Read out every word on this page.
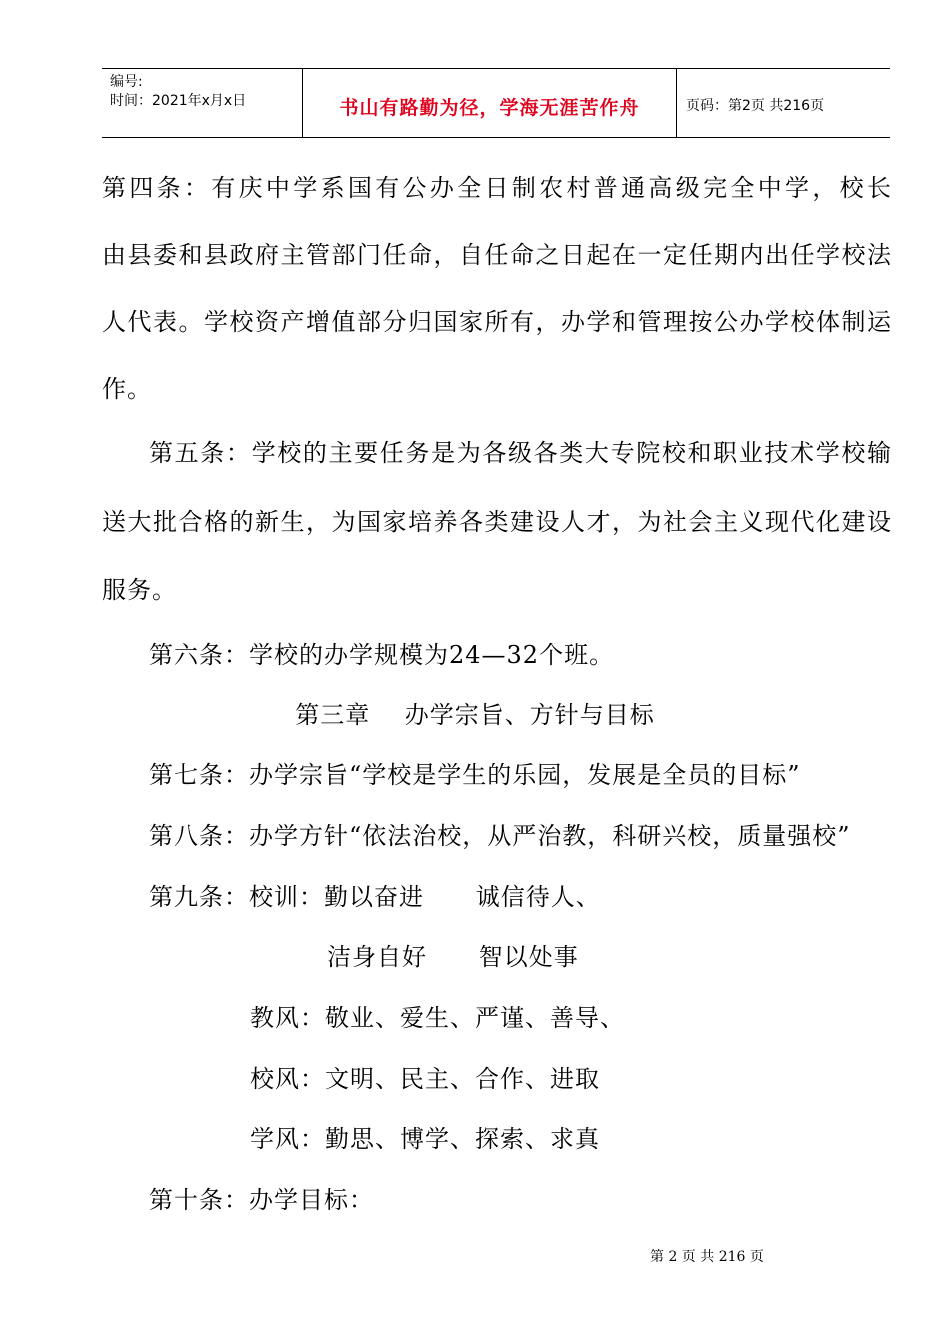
编号:
时间：2021年x月x日	书山有路勤为径，学海无涯苦作舟	页码：第2页 共216页
第四条：有庆中学系国有公办全日制农村普通高级完全中学，校长
由县委和县政府主管部门任命，自任命之日起在一定任期内出任学校法
人代表。学校资产增值部分归国家所有，办学和管理按公办学校体制运
作。
第五条：学校的主要任务是为各级各类大专院校和职业技术学校输
送大批合格的新生，为国家培养各类建设人才，为社会主义现代化建设
服务。
第六条：学校的办学规模为24—32个班。
第三章    办学宗旨、方针与目标
第七条：办学宗旨“学校是学生的乐园，发展是全员的目标”
第八条：办学方针“依法治校，从严治教，科研兴校，质量强校”
第九条：校训：勤以奋进      诚信待人、
洁身自好      智以处事
教风：敬业、爱生、严谨、善导、
校风：文明、民主、合作、进取
学风：勤思、博学、探索、求真
第十条：办学目标：
第 2 页 共 216 页
